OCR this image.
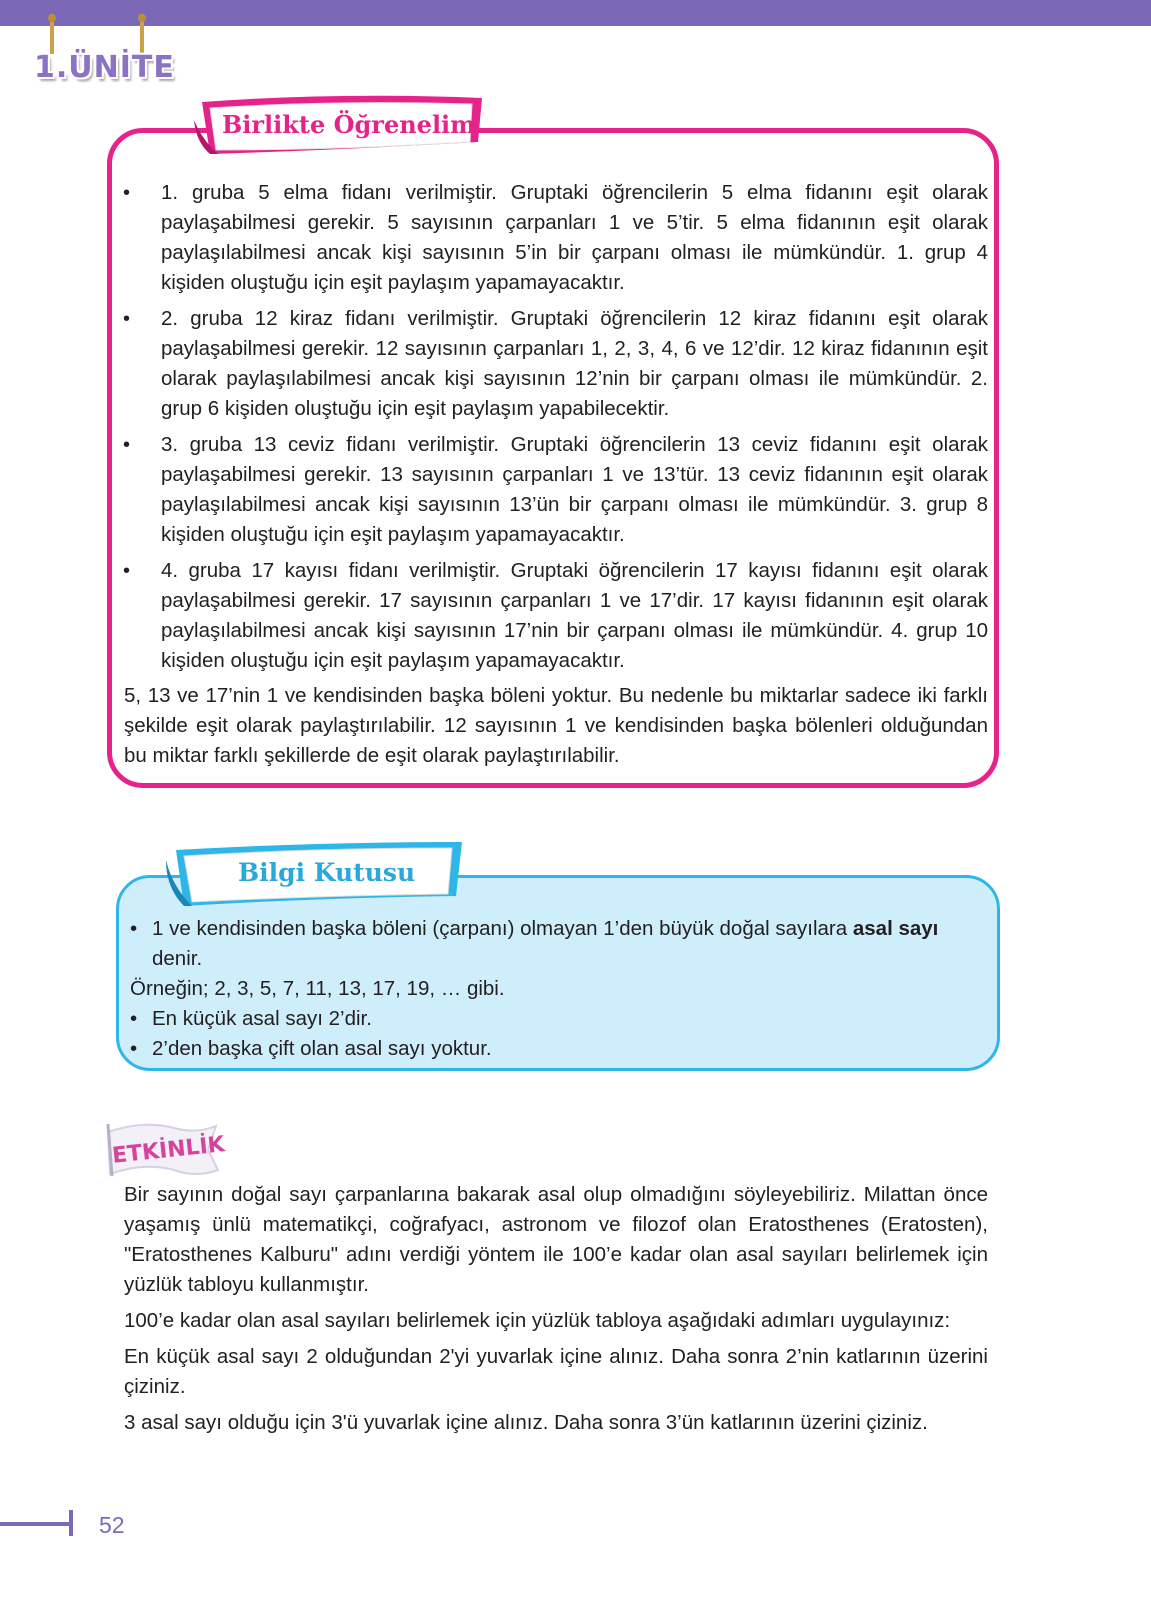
1.ÜNİTE
Birlikte Öğrenelim
• 1. gruba 5 elma fidanı verilmiştir. Gruptaki öğrencilerin 5 elma fidanını eşit olarak paylaşabilmesi gerekir. 5 sayısının çarpanları 1 ve 5’tir. 5 elma fidanının eşit olarak paylaşılabilmesi ancak kişi sayısının 5’in bir çarpanı olması ile mümkündür. 1. grup 4 kişiden oluştuğu için eşit paylaşım yapamayacaktır.

• 2. gruba 12 kiraz fidanı verilmiştir. Gruptaki öğrencilerin 12 kiraz fidanını eşit olarak paylaşabilmesi gerekir. 12 sayısının çarpanları 1, 2, 3, 4, 6 ve 12’dir. 12 kiraz fidanının eşit olarak paylaşılabilmesi ancak kişi sayısının 12’nin bir çarpanı olması ile mümkündür. 2. grup 6 kişiden oluştuğu için eşit paylaşım yapabilecektir.

• 3. gruba 13 ceviz fidanı verilmiştir. Gruptaki öğrencilerin 13 ceviz fidanını eşit olarak paylaşabilmesi gerekir. 13 sayısının çarpanları 1 ve 13’tür. 13 ceviz fidanının eşit olarak paylaşılabilmesi ancak kişi sayısının 13’ün bir çarpanı olması ile mümkündür. 3. grup 8 kişiden oluştuğu için eşit paylaşım yapamayacaktır.

• 4. gruba 17 kayısı fidanı verilmiştir. Gruptaki öğrencilerin 17 kayısı fidanını eşit olarak paylaşabilmesi gerekir. 17 sayısının çarpanları 1 ve 17’dir. 17 kayısı fidanının eşit olarak paylaşılabilmesi ancak kişi sayısının 17’nin bir çarpanı olması ile mümkündür. 4. grup 10 kişiden oluştuğu için eşit paylaşım yapamayacaktır.

5, 13 ve 17’nin 1 ve kendisinden başka böleni yoktur. Bu nedenle bu miktarlar sadece iki farklı şekilde eşit olarak paylaştırılabilir. 12 sayısının 1 ve kendisinden başka bölenleri olduğundan bu miktar farklı şekillerde de eşit olarak paylaştırılabilir.

Bilgi Kutusu
• 1 ve kendisinden başka böleni (çarpanı) olmayan 1’den büyük doğal sayılara asal sayı
denir.
Örneğin; 2, 3, 5, 7, 11, 13, 17, 19, … gibi.
• En küçük asal sayı 2’dir.
• 2’den başka çift olan asal sayı yoktur.
ETKİNLİK

Bir sayının doğal sayı çarpanlarına bakarak asal olup olmadığını söyleyebiliriz. Milattan önce yaşamış ünlü matematikçi, coğrafyacı, astronom ve filozof olan Eratosthenes (Eratosten), "Eratosthenes Kalburu" adını verdiği yöntem ile 100’e kadar olan asal sayıları belirlemek için yüzlük tabloyu kullanmıştır.

100’e kadar olan asal sayıları belirlemek için yüzlük tabloya aşağıdaki adımları uygulayınız:

En küçük asal sayı 2 olduğundan 2'yi yuvarlak içine alınız. Daha sonra 2’nin katlarının üzerini çiziniz.

3 asal sayı olduğu için 3'ü yuvarlak içine alınız. Daha sonra 3’ün katlarının üzerini çiziniz.

52
